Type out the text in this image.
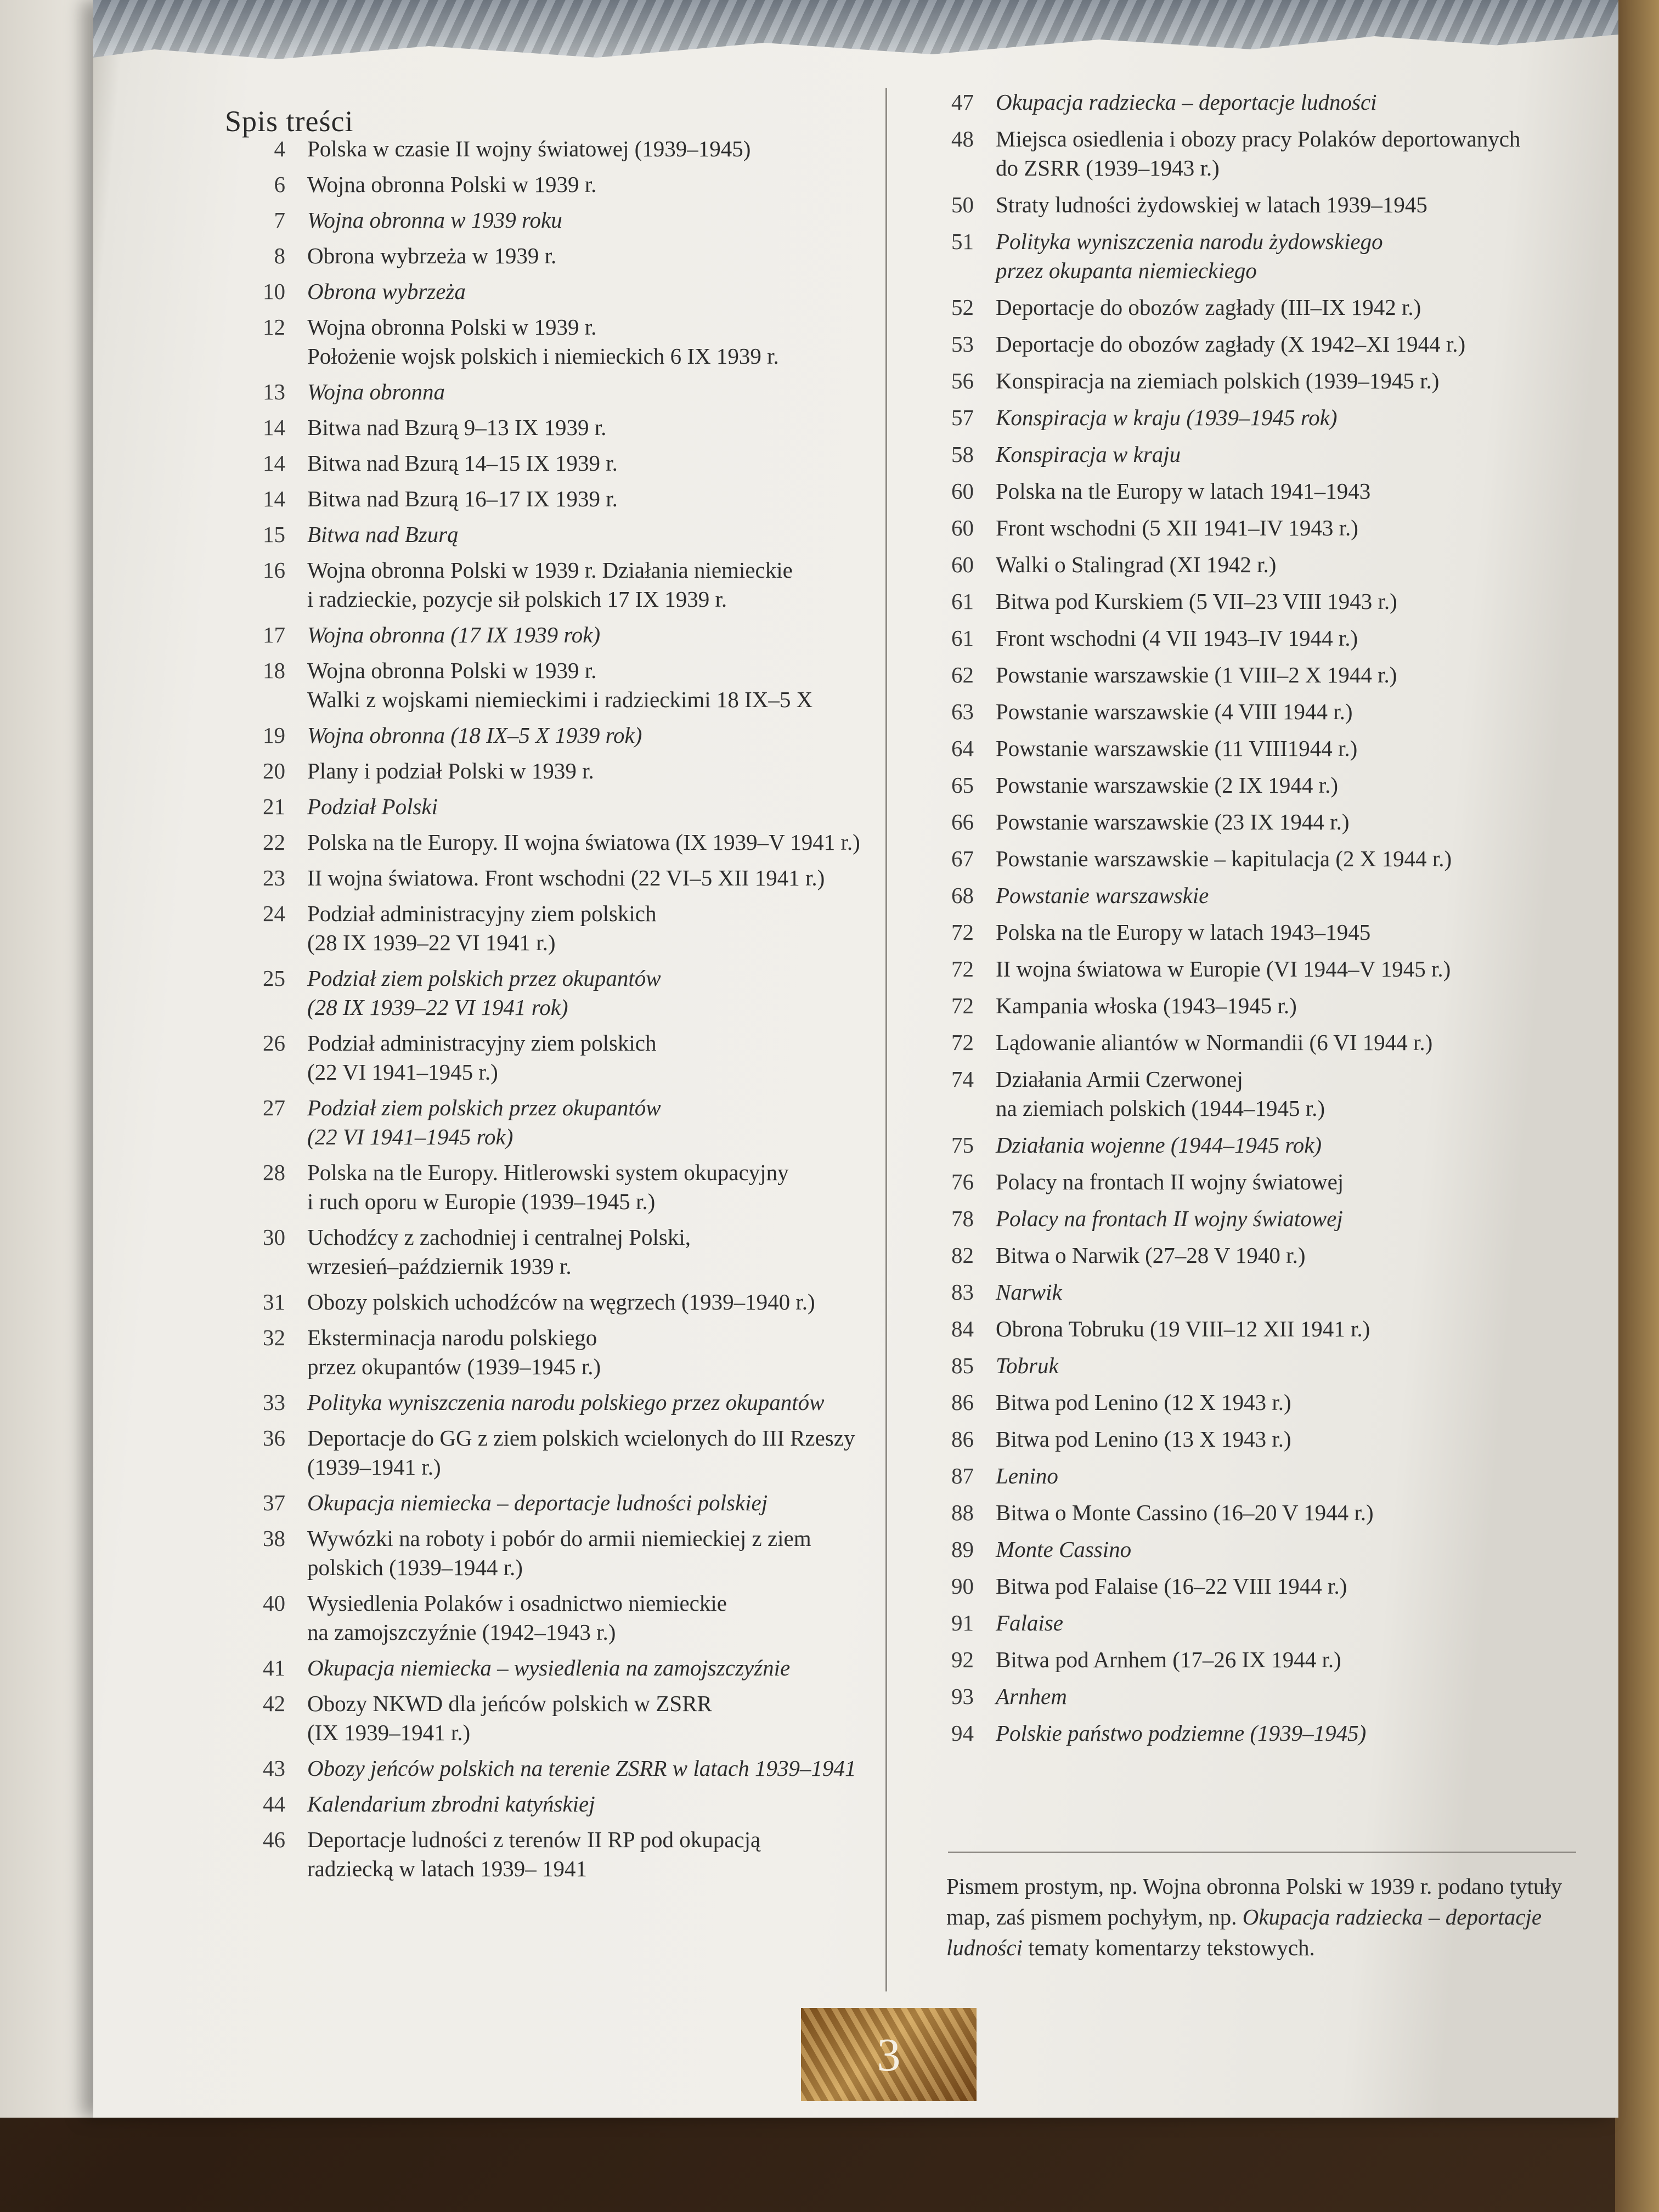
Spis treści
4 Polska w czasie II wojny światowej (1939–1945)
6 Wojna obronna Polski w 1939 r.
7 Wojna obronna w 1939 roku
8 Obrona wybrzeża w 1939 r.
10 Obrona wybrzeża
12 Wojna obronna Polski w 1939 r.
Położenie wojsk polskich i niemieckich 6 IX 1939 r.
13 Wojna obronna
14 Bitwa nad Bzurą 9–13 IX 1939 r.
14 Bitwa nad Bzurą 14–15 IX 1939 r.
14 Bitwa nad Bzurą 16–17 IX 1939 r.
15 Bitwa nad Bzurą
16 Wojna obronna Polski w 1939 r. Działania niemieckie
i radzieckie, pozycje sił polskich 17 IX 1939 r.
17 Wojna obronna (17 IX 1939 rok)
18 Wojna obronna Polski w 1939 r.
Walki z wojskami niemieckimi i radzieckimi 18 IX–5 X
19 Wojna obronna (18 IX–5 X 1939 rok)
20 Plany i podział Polski w 1939 r.
21 Podział Polski
22 Polska na tle Europy. II wojna światowa (IX 1939–V 1941 r.)
23 II wojna światowa. Front wschodni (22 VI–5 XII 1941 r.)
24 Podział administracyjny ziem polskich
(28 IX 1939–22 VI 1941 r.)
25 Podział ziem polskich przez okupantów
(28 IX 1939–22 VI 1941 rok)
26 Podział administracyjny ziem polskich
(22 VI 1941–1945 r.)
27 Podział ziem polskich przez okupantów
(22 VI 1941–1945 rok)
28 Polska na tle Europy. Hitlerowski system okupacyjny
i ruch oporu w Europie (1939–1945 r.)
30 Uchodźcy z zachodniej i centralnej Polski,
wrzesień–październik 1939 r.
31 Obozy polskich uchodźców na węgrzech (1939–1940 r.)
32 Eksterminacja narodu polskiego
przez okupantów (1939–1945 r.)
33 Polityka wyniszczenia narodu polskiego przez okupantów
36 Deportacje do GG z ziem polskich wcielonych do III Rzeszy
(1939–1941 r.)
37 Okupacja niemiecka – deportacje ludności polskiej
38 Wywózki na roboty i pobór do armii niemieckiej z ziem
polskich (1939–1944 r.)
40 Wysiedlenia Polaków i osadnictwo niemieckie
na zamojszczyźnie (1942–1943 r.)
41 Okupacja niemiecka – wysiedlenia na zamojszczyźnie
42 Obozy NKWD dla jeńców polskich w ZSRR
(IX 1939–1941 r.)
43 Obozy jeńców polskich na terenie ZSRR w latach 1939–1941
44 Kalendarium zbrodni katyńskiej
46 Deportacje ludności z terenów II RP pod okupacją
radziecką w latach 1939– 1941
47 Okupacja radziecka – deportacje ludności
48 Miejsca osiedlenia i obozy pracy Polaków deportowanych
do ZSRR (1939–1943 r.)
50 Straty ludności żydowskiej w latach 1939–1945
51 Polityka wyniszczenia narodu żydowskiego
przez okupanta niemieckiego
52 Deportacje do obozów zagłady (III–IX 1942 r.)
53 Deportacje do obozów zagłady (X 1942–XI 1944 r.)
56 Konspiracja na ziemiach polskich (1939–1945 r.)
57 Konspiracja w kraju (1939–1945 rok)
58 Konspiracja w kraju
60 Polska na tle Europy w latach 1941–1943
60 Front wschodni (5 XII 1941–IV 1943 r.)
60 Walki o Stalingrad (XI 1942 r.)
61 Bitwa pod Kurskiem (5 VII–23 VIII 1943 r.)
61 Front wschodni (4 VII 1943–IV 1944 r.)
62 Powstanie warszawskie (1 VIII–2 X 1944 r.)
63 Powstanie warszawskie (4 VIII 1944 r.)
64 Powstanie warszawskie (11 VIII1944 r.)
65 Powstanie warszawskie (2 IX 1944 r.)
66 Powstanie warszawskie (23 IX 1944 r.)
67 Powstanie warszawskie – kapitulacja (2 X 1944 r.)
68 Powstanie warszawskie
72 Polska na tle Europy w latach 1943–1945
72 II wojna światowa w Europie (VI 1944–V 1945 r.)
72 Kampania włoska (1943–1945 r.)
72 Lądowanie aliantów w Normandii (6 VI 1944 r.)
74 Działania Armii Czerwonej
na ziemiach polskich (1944–1945 r.)
75 Działania wojenne (1944–1945 rok)
76 Polacy na frontach II wojny światowej
78 Polacy na frontach II wojny światowej
82 Bitwa o Narwik (27–28 V 1940 r.)
83 Narwik
84 Obrona Tobruku (19 VIII–12 XII 1941 r.)
85 Tobruk
86 Bitwa pod Lenino (12 X 1943 r.)
86 Bitwa pod Lenino (13 X 1943 r.)
87 Lenino
88 Bitwa o Monte Cassino (16–20 V 1944 r.)
89 Monte Cassino
90 Bitwa pod Falaise (16–22 VIII 1944 r.)
91 Falaise
92 Bitwa pod Arnhem (17–26 IX 1944 r.)
93 Arnhem
94 Polskie państwo podziemne (1939–1945)
Pismem prostym, np. Wojna obronna Polski w 1939 r. podano tytuły map, zaś pismem pochyłym, np. Okupacja radziecka – deportacje ludności tematy komentarzy tekstowych.
3
